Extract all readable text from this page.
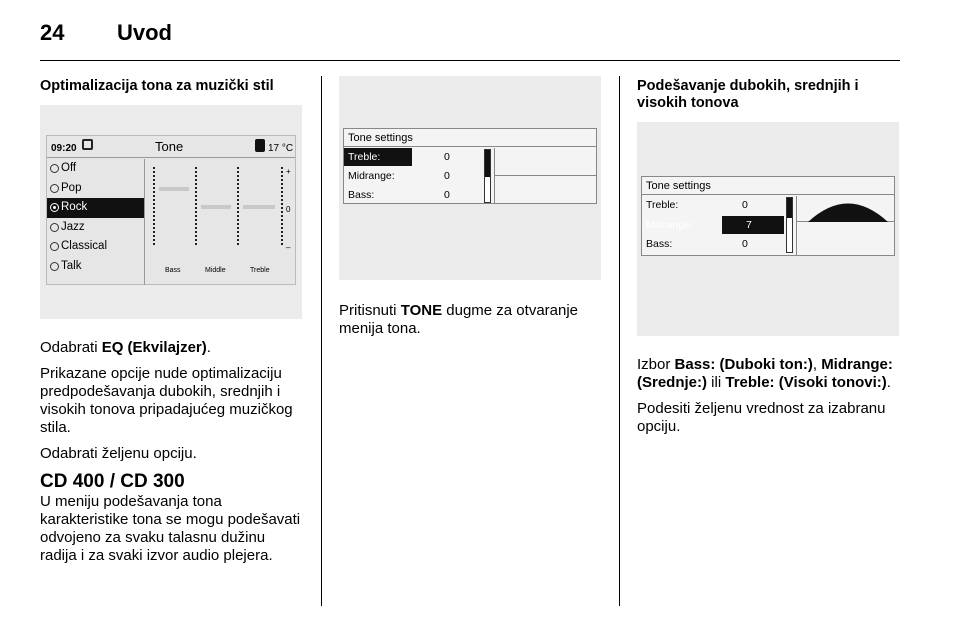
24 Uvod
Optimalizacija tona za muzički stil
09:20	Tone	17 °C
Off
Pop
Rock
Jazz
Classical
Talk
+
0
–
Bass	Middle	Treble

Odabrati EQ (Ekvilajzer).

Prikazane opcije nude optimalizaciju predpodešavanja dubokih, srednjih i visokih tonova pripadajućeg muzičkog stila.

Odabrati željenu opciju.

CD 400 / CD 300

U meniju podešavanja tona karakteristike tona se mogu podešavati odvojeno za svaku talasnu dužinu radija i za svaki izvor audio plejera.

Tone settings
Treble:	0
Midrange:	0
Bass:	0

Pritisnuti TONE dugme za otvaranje menija tona.

Podešavanje dubokih, srednjih i visokih tonova
Tone settings
Treble:	0
Midrange:	7
Bass:	0

Izbor Bass: (Duboki ton:), Midrange: (Srednje:) ili Treble: (Visoki tonovi:).

Podesiti željenu vrednost za izabranu opciju.
